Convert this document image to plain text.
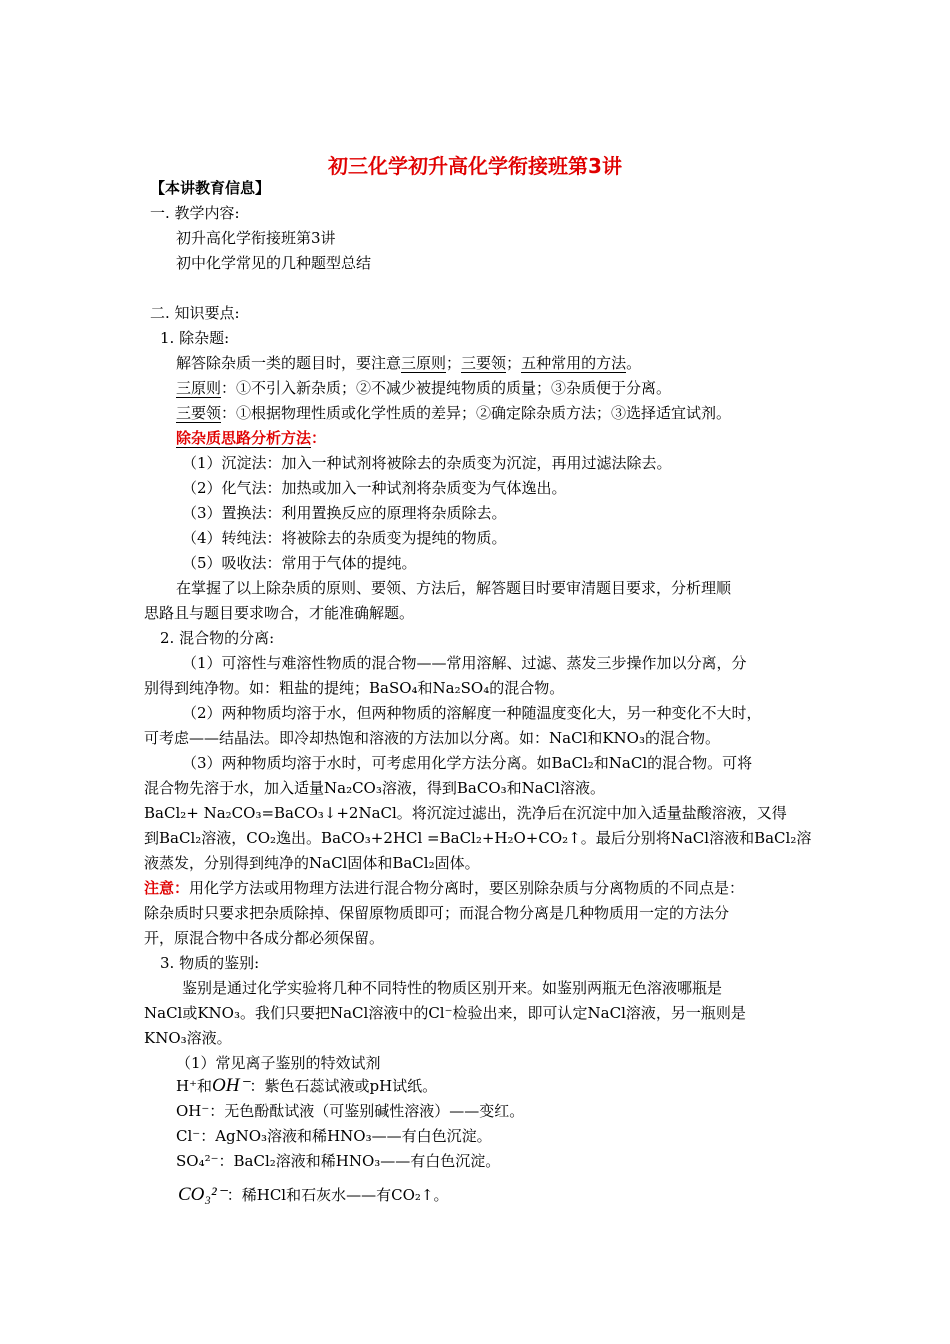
初三化学初升高化学衔接班第3讲
【本讲教育信息】
一. 教学内容:
初升高化学衔接班第3讲
初中化学常见的几种题型总结
二. 知识要点:
1. 除杂题:
解答除杂质一类的题目时，要注意三原则；三要领；五种常用的方法。
三原则：①不引入新杂质；②不减少被提纯物质的质量；③杂质便于分离。
三要领：①根据物理性质或化学性质的差异；②确定除杂质方法；③选择适宜试剂。
除杂质思路分析方法：
（1）沉淀法：加入一种试剂将被除去的杂质变为沉淀，再用过滤法除去。
（2）化气法：加热或加入一种试剂将杂质变为气体逸出。
（3）置换法：利用置换反应的原理将杂质除去。
（4）转纯法：将被除去的杂质变为提纯的物质。
（5）吸收法：常用于气体的提纯。
在掌握了以上除杂质的原则、要领、方法后，解答题目时要审清题目要求，分析理顺
思路且与题目要求吻合，才能准确解题。
2. 混合物的分离:
（1）可溶性与难溶性物质的混合物——常用溶解、过滤、蒸发三步操作加以分离，分
别得到纯净物。如：粗盐的提纯；BaSO₄和Na₂SO₄的混合物。
（2）两种物质均溶于水，但两种物质的溶解度一种随温度变化大，另一种变化不大时，
可考虑——结晶法。即冷却热饱和溶液的方法加以分离。如：NaCl和KNO₃的混合物。
（3）两种物质均溶于水时，可考虑用化学方法分离。如BaCl₂和NaCl的混合物。可将
混合物先溶于水，加入适量Na₂CO₃溶液，得到BaCO₃和NaCl溶液。
BaCl₂+ Na₂CO₃=BaCO₃↓+2NaCl。将沉淀过滤出，洗净后在沉淀中加入适量盐酸溶液，又得
到BaCl₂溶液，CO₂逸出。BaCO₃+2HCl =BaCl₂+H₂O+CO₂↑。最后分别将NaCl溶液和BaCl₂溶
液蒸发，分别得到纯净的NaCl固体和BaCl₂固体。
注意：用化学方法或用物理方法进行混合物分离时，要区别除杂质与分离物质的不同点是：
除杂质时只要求把杂质除掉、保留原物质即可；而混合物分离是几种物质用一定的方法分
开，原混合物中各成分都必须保留。
3. 物质的鉴别:
鉴别是通过化学实验将几种不同特性的物质区别开来。如鉴别两瓶无色溶液哪瓶是
NaCl或KNO₃。我们只要把NaCl溶液中的Cl⁻检验出来，即可认定NaCl溶液，另一瓶则是
KNO₃溶液。
（1）常见离子鉴别的特效试剂
H⁺和OH⁻：紫色石蕊试液或pH试纸。
OH⁻：无色酚酞试液（可鉴别碱性溶液）——变红。
Cl⁻：AgNO₃溶液和稀HNO₃——有白色沉淀。
SO₄²⁻：BaCl₂溶液和稀HNO₃——有白色沉淀。
CO₃²⁻：稀HCl和石灰水——有CO₂↑。
